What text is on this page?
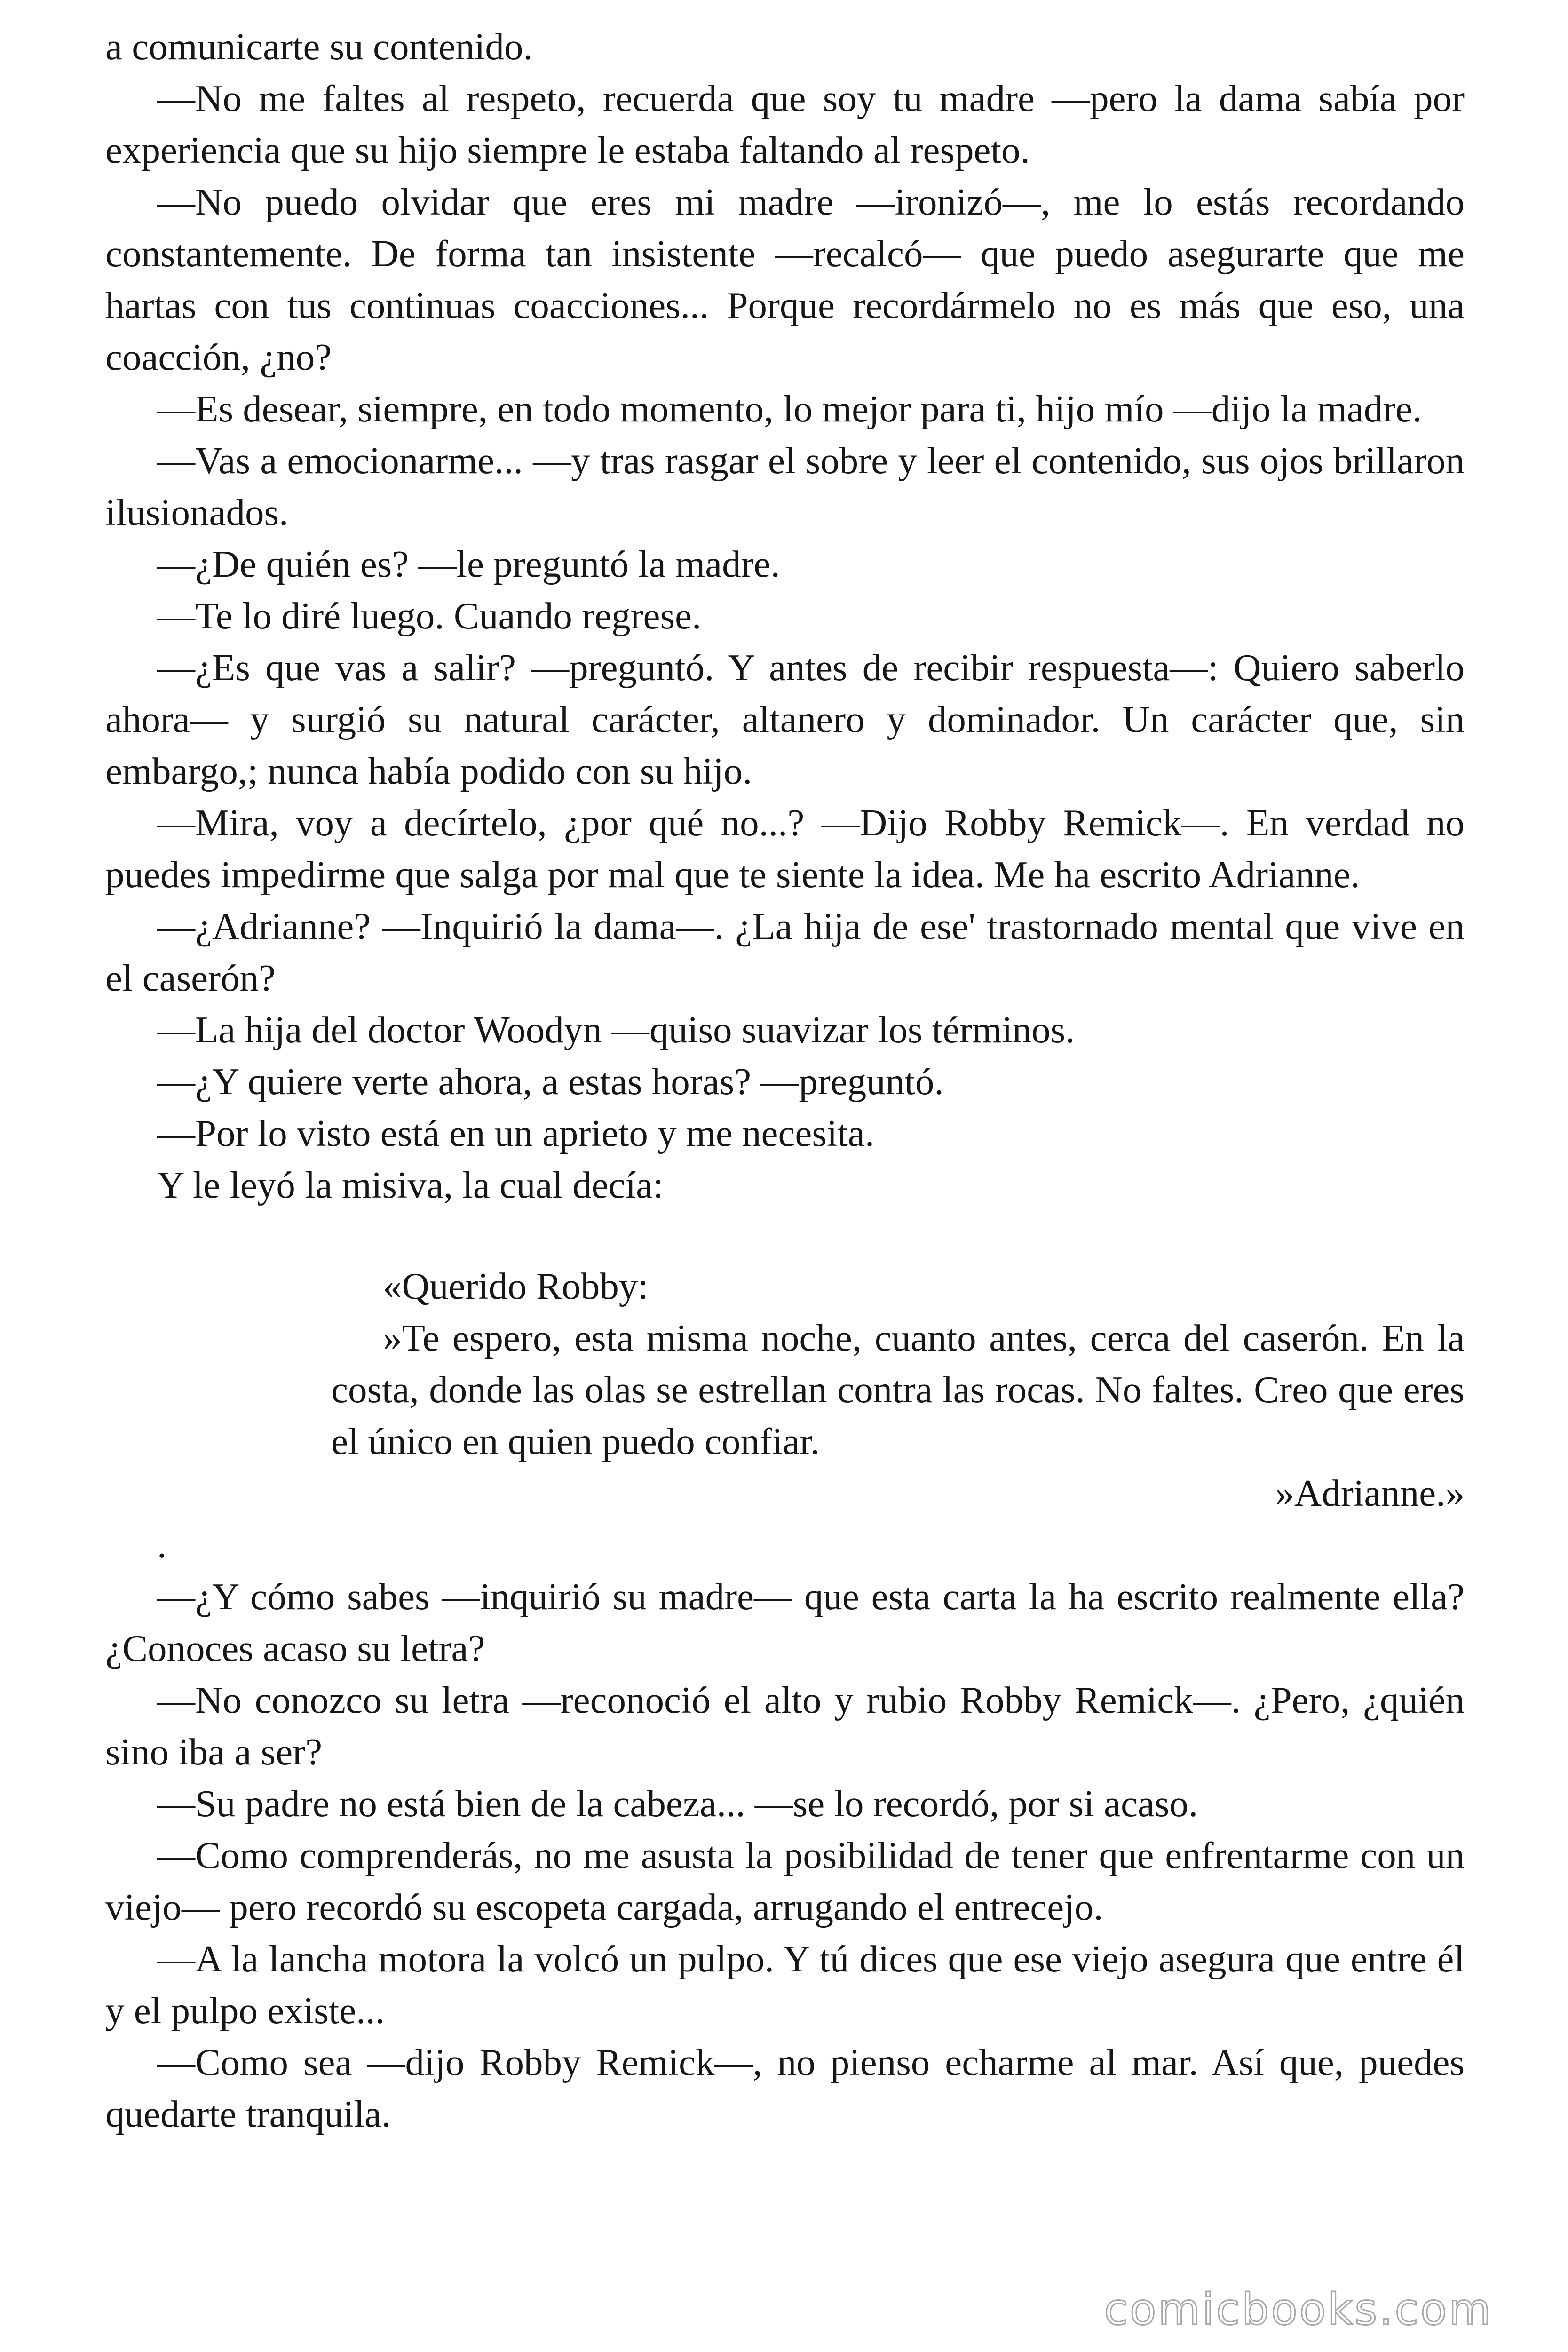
a comunicarte su contenido.

—No me faltes al respeto, recuerda que soy tu madre —pero la dama sabía por experiencia que su hijo siempre le estaba faltando al respeto.

—No puedo olvidar que eres mi madre —ironizó—, me lo estás recordando constantemente. De forma tan insistente —recalcó— que puedo asegurarte que me hartas con tus continuas coacciones... Porque recordármelo no es más que eso, una coacción, ¿no?

—Es desear, siempre, en todo momento, lo mejor para ti, hijo mío —dijo la madre.

—Vas a emocionarme... —y tras rasgar el sobre y leer el contenido, sus ojos brillaron ilusionados.

—¿De quién es? —le preguntó la madre.

—Te lo diré luego. Cuando regrese.

—¿Es que vas a salir? —preguntó. Y antes de recibir respuesta—: Quiero saberlo ahora— y surgió su natural carácter, altanero y dominador. Un carácter que, sin embargo,; nunca había podido con su hijo.

—Mira, voy a decírtelo, ¿por qué no...? —Dijo Robby Remick—. En verdad no puedes impedirme que salga por mal que te siente la idea. Me ha escrito Adrianne.

—¿Adrianne? —Inquirió la dama—. ¿La hija de ese' trastornado mental que vive en el caserón?

—La hija del doctor Woodyn —quiso suavizar los términos.

—¿Y quiere verte ahora, a estas horas? —preguntó.

—Por lo visto está en un aprieto y me necesita.

Y le leyó la misiva, la cual decía:

«Querido Robby:

»Te espero, esta misma noche, cuanto antes, cerca del caserón. En la costa, donde las olas se estrellan contra las rocas. No faltes. Creo que eres el único en quien puedo confiar.

»Adrianne.»

.

—¿Y cómo sabes —inquirió su madre— que esta carta la ha escrito realmente ella? ¿Conoces acaso su letra?

—No conozco su letra —reconoció el alto y rubio Robby Remick—. ¿Pero, ¿quién sino iba a ser?

—Su padre no está bien de la cabeza... —se lo recordó, por si acaso.

—Como comprenderás, no me asusta la posibilidad de tener que enfrentarme con un viejo— pero recordó su escopeta cargada, arrugando el entrecejo.

—A la lancha motora la volcó un pulpo. Y tú dices que ese viejo asegura que entre él y el pulpo existe...

—Como sea —dijo Robby Remick—, no pienso echarme al mar. Así que, puedes quedarte tranquila.

comicbooks.com
